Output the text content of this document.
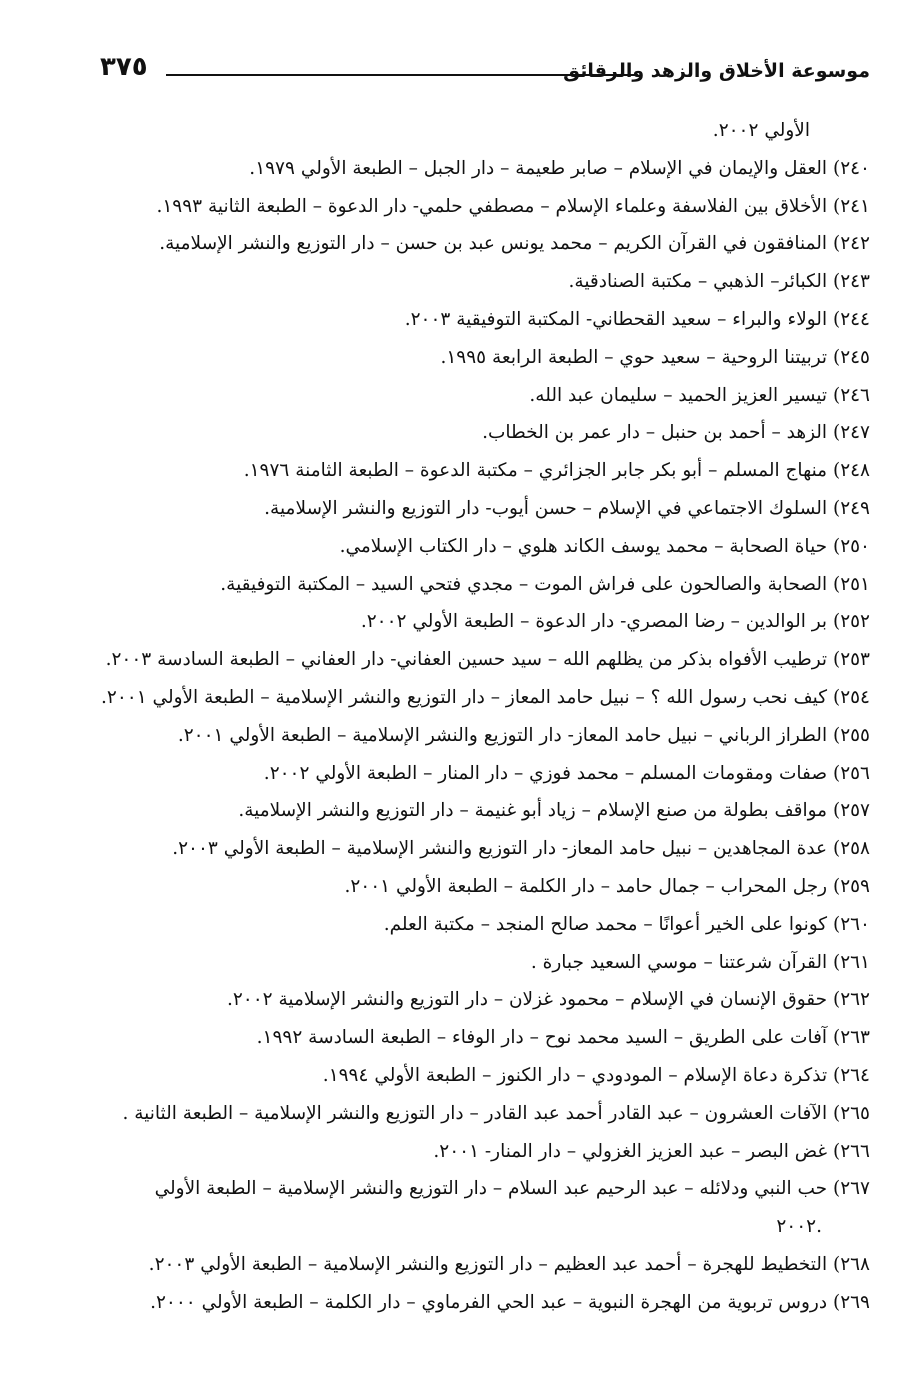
موسوعة الأخلاق والزهد والرقائق
٣٧٥
الأولي ٢٠٠٢.
٢٤٠) العقل والإيمان في الإسلام – صابر طعيمة – دار الجبل – الطبعة الأولي ١٩٧٩.
٢٤١) الأخلاق بين الفلاسفة وعلماء الإسلام – مصطفي حلمي- دار الدعوة – الطبعة الثانية ١٩٩٣.
٢٤٢) المنافقون في القرآن الكريم – محمد يونس عبد بن حسن – دار التوزيع والنشر الإسلامية.
٢٤٣) الكبائر– الذهبي – مكتبة الصنادقية.
٢٤٤) الولاء والبراء – سعيد القحطاني- المكتبة التوفيقية ٢٠٠٣.
٢٤٥) تربيتنا الروحية – سعيد حوي – الطبعة الرابعة ١٩٩٥.
٢٤٦) تيسير العزيز الحميد – سليمان عبد الله.
٢٤٧) الزهد – أحمد بن حنبل – دار عمر بن الخطاب.
٢٤٨) منهاج المسلم – أبو بكر جابر الجزائري – مكتبة الدعوة – الطبعة الثامنة ١٩٧٦.
٢٤٩) السلوك الاجتماعي في الإسلام – حسن أيوب- دار التوزيع والنشر الإسلامية.
٢٥٠) حياة الصحابة – محمد يوسف الكاند هلوي – دار الكتاب الإسلامي.
٢٥١) الصحابة والصالحون على فراش الموت – مجدي فتحي السيد – المكتبة التوفيقية.
٢٥٢) بر الوالدين – رضا المصري- دار الدعوة – الطبعة الأولي ٢٠٠٢.
٢٥٣) ترطيب الأفواه بذكر من يظلهم الله – سيد حسين العفاني- دار العفاني – الطبعة السادسة ٢٠٠٣.
٢٥٤) كيف نحب رسول الله ؟ – نبيل حامد المعاز – دار التوزيع والنشر الإسلامية – الطبعة الأولي ٢٠٠١.
٢٥٥) الطراز الرباني – نبيل حامد المعاز- دار التوزيع والنشر الإسلامية – الطبعة الأولي ٢٠٠١.
٢٥٦) صفات ومقومات المسلم – محمد فوزي – دار المنار – الطبعة الأولي ٢٠٠٢.
٢٥٧) مواقف بطولة من صنع الإسلام – زياد أبو غنيمة – دار التوزيع والنشر الإسلامية.
٢٥٨) عدة المجاهدين – نبيل حامد المعاز- دار التوزيع والنشر الإسلامية – الطبعة الأولي ٢٠٠٣.
٢٥٩) رجل المحراب – جمال حامد – دار الكلمة – الطبعة الأولي ٢٠٠١.
٢٦٠) كونوا على الخير أعوانًا – محمد صالح المنجد – مكتبة العلم.
٢٦١) القرآن شرعتنا – موسي السعيد جبارة .
٢٦٢) حقوق الإنسان في الإسلام – محمود غزلان – دار التوزيع والنشر الإسلامية ٢٠٠٢.
٢٦٣) آفات على الطريق – السيد محمد نوح – دار الوفاء – الطبعة السادسة ١٩٩٢.
٢٦٤) تذكرة دعاة الإسلام – المودودي – دار الكنوز – الطبعة الأولي ١٩٩٤.
٢٦٥) الآفات العشرون – عبد القادر أحمد عبد القادر – دار التوزيع والنشر الإسلامية – الطبعة الثانية .
٢٦٦) غض البصر – عبد العزيز الغزولي – دار المنار- ٢٠٠١.
٢٦٧) حب النبي ودلائله – عبد الرحيم عبد السلام – دار التوزيع والنشر الإسلامية – الطبعة الأولي
٢٠٠٢.
٢٦٨) التخطيط للهجرة – أحمد عبد العظيم – دار التوزيع والنشر الإسلامية – الطبعة الأولي ٢٠٠٣.
٢٦٩) دروس تربوية من الهجرة النبوية – عبد الحي الفرماوي – دار الكلمة – الطبعة الأولي ٢٠٠٠.
